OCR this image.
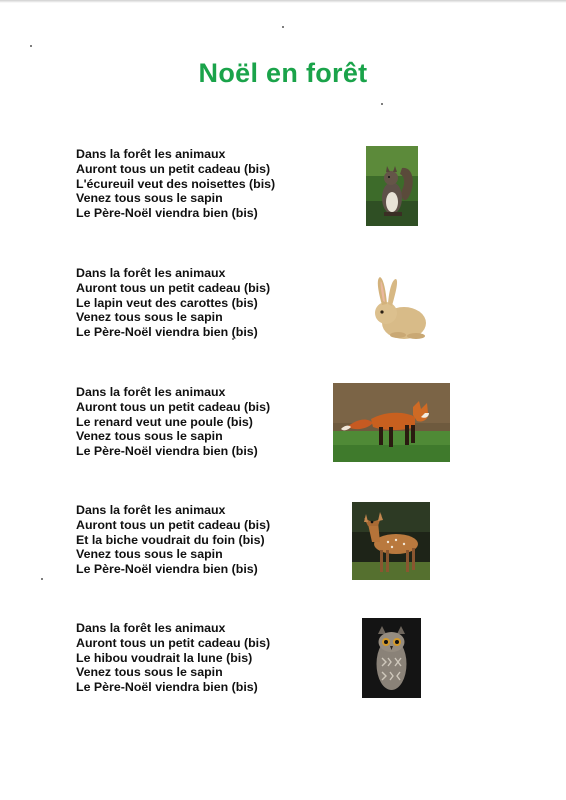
Noël en forêt
Dans la forêt les animaux
Auront tous un petit cadeau (bis)
L'écureuil veut des noisettes (bis)
Venez tous sous le sapin
Le Père-Noël viendra bien (bis)
Dans la forêt les animaux
Auront tous un petit cadeau (bis)
Le lapin veut des carottes (bis)
Venez tous sous le sapin
Le Père-Noël viendra bien (bis)
Dans la forêt les animaux
Auront tous un petit cadeau (bis)
Le renard veut une poule (bis)
Venez tous sous le sapin
Le Père-Noël viendra bien (bis)
Dans la forêt les animaux
Auront tous un petit cadeau (bis)
Et la biche voudrait du foin (bis)
Venez tous sous le sapin
Le Père-Noël viendra bien (bis)
Dans la forêt les animaux
Auront tous un petit cadeau (bis)
Le hibou voudrait la lune (bis)
Venez tous sous le sapin
Le Père-Noël viendra bien (bis)
